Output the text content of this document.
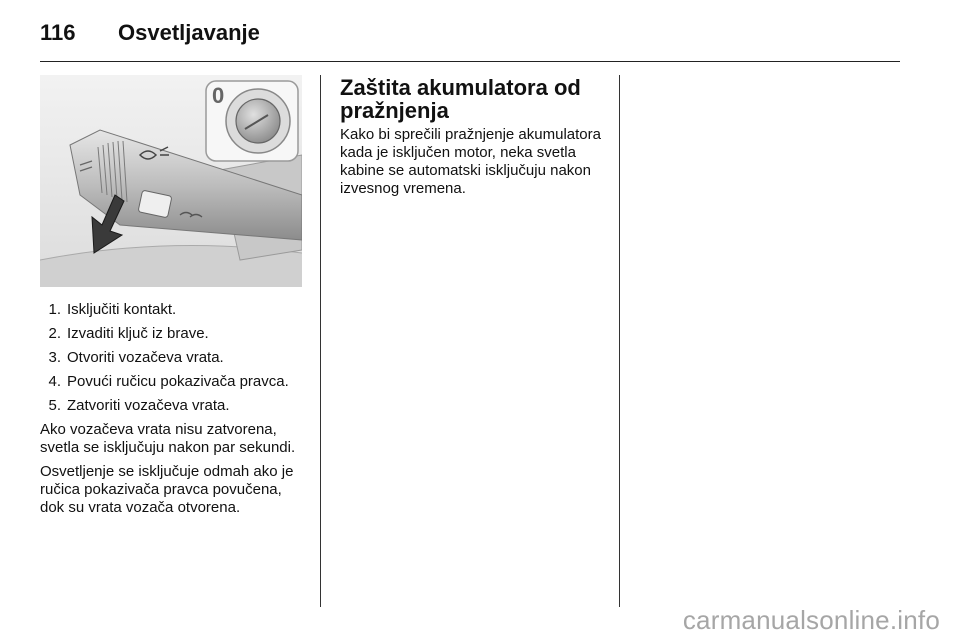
116 Osvetljavanje
0
1. Isključiti kontakt.
2. Izvaditi ključ iz brave.
3. Otvoriti vozačeva vrata.
4. Povući ručicu pokazivača pravca.
5. Zatvoriti vozačeva vrata.

Ako vozačeva vrata nisu zatvorena, svetla se isključuju nakon par sekundi.

Osvetljenje se isključuje odmah ako je ručica pokazivača pravca povučena, dok su vrata vozača otvorena.

Zaštita akumulatora od pražnjenja

Kako bi sprečili pražnjenje akumulatora kada je isključen motor, neka svetla kabine se automatski isključuju nakon izvesnog vremena.

carmanualsonline.info
